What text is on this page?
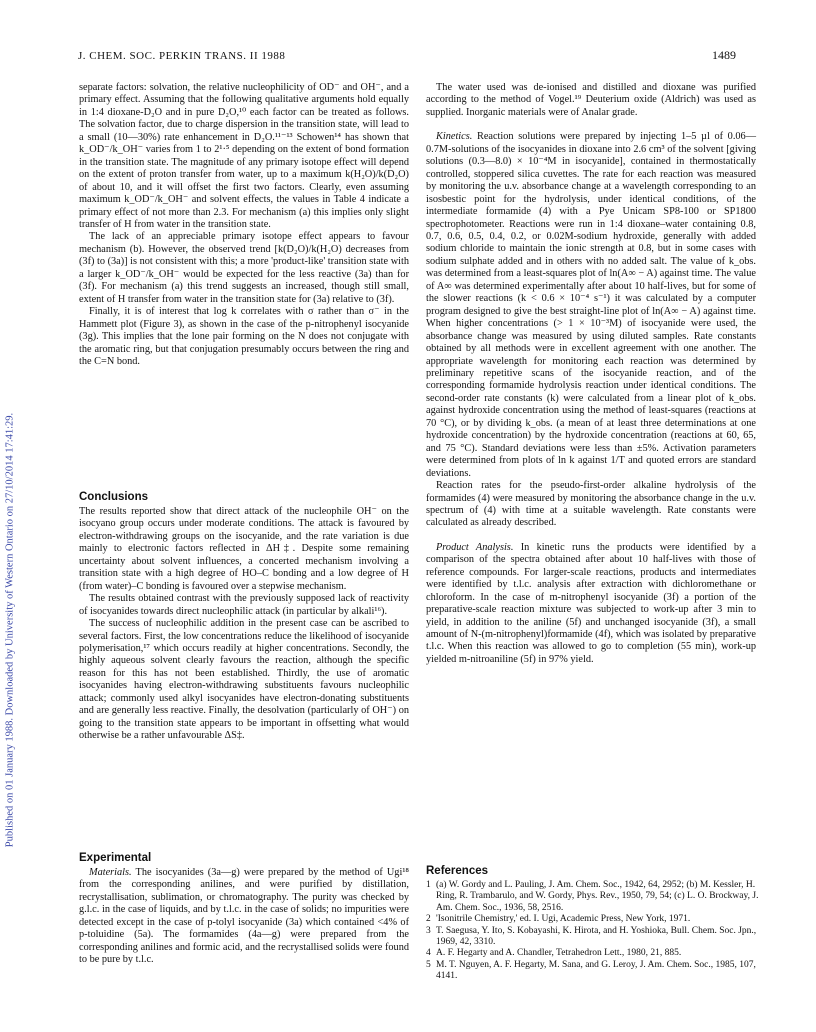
J. CHEM. SOC. PERKIN TRANS. II 1988	1489
Published on 01 January 1988. Downloaded by University of Western Ontario on 27/10/2014 17:41:29.

separate factors: solvation, the relative nucleophilicity of OD⁻ and OH⁻, and a primary effect. Assuming that the following qualitative arguments hold equally in 1:4 dioxane-D₂O and in pure D₂O,¹⁰ each factor can be treated as follows. The solvation factor, due to charge dispersion in the transition state, will lead to a small (10—30%) rate enhancement in D₂O.¹¹⁻¹³ Schowen¹⁴ has shown that k_OD⁻/k_OH⁻ varies from 1 to 2¹·⁵ depending on the extent of bond formation in the transition state. The magnitude of any primary isotope effect will depend on the extent of proton transfer from water, up to a maximum k(H₂O)/k(D₂O) of about 10, and it will offset the first two factors. Clearly, even assuming maximum k_OD⁻/k_OH⁻ and solvent effects, the values in Table 4 indicate a primary effect of not more than 2.3. For mechanism (a) this implies only slight transfer of H from water in the transition state.

The lack of an appreciable primary isotope effect appears to favour mechanism (b). However, the observed trend [k(D₂O)/k(H₂O) decreases from (3f) to (3a)] is not consistent with this; a more 'product-like' transition state with a larger k_OD⁻/k_OH⁻ would be expected for the less reactive (3a) than for (3f). For mechanism (a) this trend suggests an increased, though still small, extent of H transfer from water in the transition state for (3a) relative to (3f).

Finally, it is of interest that log k correlates with σ rather than σ⁻ in the Hammett plot (Figure 3), as shown in the case of the p-nitrophenyl isocyanide (3g). This implies that the lone pair forming on the N does not conjugate with the aromatic ring, but that conjugation presumably occurs between the ring and the C=N bond.

Conclusions

The results reported show that direct attack of the nucleophile OH⁻ on the isocyano group occurs under moderate conditions. The attack is favoured by electron-withdrawing groups on the isocyanide, and the rate variation is due mainly to electronic factors reflected in ΔH‡. Despite some remaining uncertainty about solvent influences, a concerted mechanism involving a transition state with a high degree of HO–C bonding and a low degree of H (from water)–C bonding is favoured over a stepwise mechanism.

The results obtained contrast with the previously supposed lack of reactivity of isocyanides towards direct nucleophilic attack (in particular by alkali¹⁶).

The success of nucleophilic addition in the present case can be ascribed to several factors. First, the low concentrations reduce the likelihood of isocyanide polymerisation,¹⁷ which occurs readily at higher concentrations. Secondly, the highly aqueous solvent clearly favours the reaction, although the specific reason for this has not been established. Thirdly, the use of aromatic isocyanides having electron-withdrawing substituents favours nucleophilic attack; commonly used alkyl isocyanides have electron-donating substituents and are generally less reactive. Finally, the desolvation (particularly of OH⁻) on going to the transition state appears to be important in offsetting what would otherwise be a rather unfavourable ΔS‡.

Experimental

Materials. The isocyanides (3a—g) were prepared by the method of Ugi¹⁸ from the corresponding anilines, and were purified by distillation, recrystallisation, sublimation, or chromatography. The purity was checked by g.l.c. in the case of liquids, and by t.l.c. in the case of solids; no impurities were detected except in the case of p-tolyl isocyanide (3a) which contained <4% of p-toluidine (5a). The formamides (4a—g) were prepared from the corresponding anilines and formic acid, and the recrystallised solids were found to be pure by t.l.c.

The water used was de-ionised and distilled and dioxane was purified according to the method of Vogel.¹⁹ Deuterium oxide (Aldrich) was used as supplied. Inorganic materials were of Analar grade.

Kinetics. Reaction solutions were prepared by injecting 1–5 µl of 0.06—0.7M-solutions of the isocyanides in dioxane into 2.6 cm³ of the solvent [giving solutions (0.3—8.0) × 10⁻⁴M in isocyanide], contained in thermostatically controlled, stoppered silica cuvettes. The rate for each reaction was measured by monitoring the u.v. absorbance change at a wavelength corresponding to an isosbestic point for the hydrolysis, under identical conditions, of the intermediate formamide (4) with a Pye Unicam SP8-100 or SP1800 spectrophotometer. Reactions were run in 1:4 dioxane–water containing 0.8, 0.7, 0.6, 0.5, 0.4, 0.2, or 0.02M-sodium hydroxide, generally with added sodium chloride to maintain the ionic strength at 0.8, but in some cases with sodium sulphate added and in others with no added salt. The value of k_obs. was determined from a least-squares plot of ln(A∞ − A) against time. The value of A∞ was determined experimentally after about 10 half-lives, but for some of the slower reactions (k < 0.6 × 10⁻⁴ s⁻¹) it was calculated by a computer program designed to give the best straight-line plot of ln(A∞ − A) against time. When higher concentrations (> 1 × 10⁻³M) of isocyanide were used, the absorbance change was measured by using diluted samples. Rate constants obtained by all methods were in excellent agreement with one another. The appropriate wavelength for monitoring each reaction was determined by preliminary repetitive scans of the isocyanide reaction, and of the corresponding formamide hydrolysis reaction under identical conditions. The second-order rate constants (k) were calculated from a linear plot of k_obs. against hydroxide concentration using the method of least-squares (reactions at 70 °C), or by dividing k_obs. (a mean of at least three determinations at one hydroxide concentration) by the hydroxide concentration (reactions at 60, 65, and 75 °C). Standard deviations were less than ±5%. Activation parameters were determined from plots of ln k against 1/T and quoted errors are standard deviations.

Reaction rates for the pseudo-first-order alkaline hydrolysis of the formamides (4) were measured by monitoring the absorbance change in the u.v. spectrum of (4) with time at a suitable wavelength. Rate constants were calculated as already described.

Product Analysis. In kinetic runs the products were identified by a comparison of the spectra obtained after about 10 half-lives with those of reference compounds. For larger-scale reactions, products and intermediates were identified by t.l.c. analysis after extraction with dichloromethane or chloroform. In the case of m-nitrophenyl isocyanide (3f) a portion of the preparative-scale reaction mixture was subjected to work-up after 3 min to yield, in addition to the aniline (5f) and unchanged isocyanide (3f), a small amount of N-(m-nitrophenyl)formamide (4f), which was isolated by preparative t.l.c. When this reaction was allowed to go to completion (55 min), work-up yielded m-nitroaniline (5f) in 97% yield.

References
1 (a) W. Gordy and L. Pauling, J. Am. Chem. Soc., 1942, 64, 2952; (b) M. Kessler, H. Ring, R. Trambarulo, and W. Gordy, Phys. Rev., 1950, 79, 54; (c) L. O. Brockway, J. Am. Chem. Soc., 1936, 58, 2516.
2 'Isonitrile Chemistry,' ed. I. Ugi, Academic Press, New York, 1971.
3 T. Saegusa, Y. Ito, S. Kobayashi, K. Hirota, and H. Yoshioka, Bull. Chem. Soc. Jpn., 1969, 42, 3310.
4 A. F. Hegarty and A. Chandler, Tetrahedron Lett., 1980, 21, 885.
5 M. T. Nguyen, A. F. Hegarty, M. Sana, and G. Leroy, J. Am. Chem. Soc., 1985, 107, 4141.
